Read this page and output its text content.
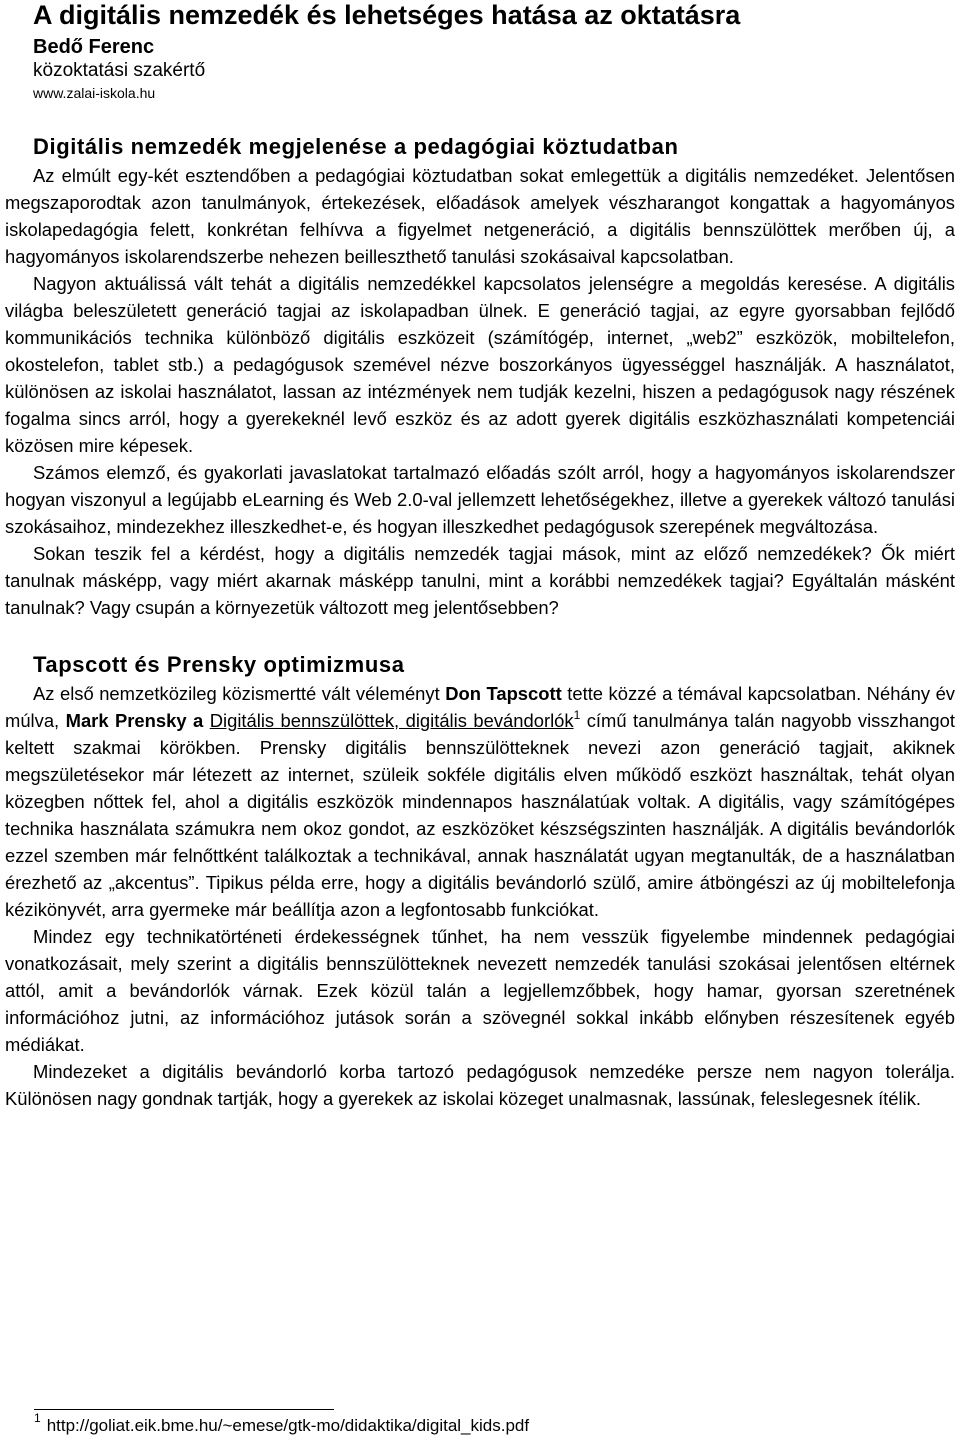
A digitális nemzedék és lehetséges hatása az oktatásra
Bedő Ferenc
közoktatási szakértő
www.zalai-iskola.hu
Digitális nemzedék megjelenése a pedagógiai köztudatban

Az elmúlt egy-két esztendőben a pedagógiai köztudatban sokat emlegettük a digitális nemzedéket. Jelentősen megszaporodtak azon tanulmányok, értekezések, előadások amelyek vészharangot kongattak a hagyományos iskolapedagógia felett, konkrétan felhívva a figyelmet netgeneráció, a digitális bennszülöttek merőben új, a hagyományos iskolarendszerbe nehezen beilleszthető tanulási szokásaival kapcsolatban.

Nagyon aktuálissá vált tehát a digitális nemzedékkel kapcsolatos jelenségre a megoldás keresése. A digitális világba beleszületett generáció tagjai az iskolapadban ülnek. E generáció tagjai, az egyre gyorsabban fejlődő kommunikációs technika különböző digitális eszközeit (számítógép, internet, „web2” eszközök, mobiltelefon, okostelefon, tablet stb.) a pedagógusok szemével nézve boszorkányos ügyességgel használják. A használatot, különösen az iskolai használatot, lassan az intézmények nem tudják kezelni, hiszen a pedagógusok nagy részének fogalma sincs arról, hogy a gyerekeknél levő eszköz és az adott gyerek digitális eszközhasználati kompetenciái közösen mire képesek.

Számos elemző, és gyakorlati javaslatokat tartalmazó előadás szólt arról, hogy a hagyományos iskolarendszer hogyan viszonyul a legújabb eLearning és Web 2.0-val jellemzett lehetőségekhez, illetve a gyerekek változó tanulási szokásaihoz, mindezekhez illeszkedhet-e, és hogyan illeszkedhet pedagógusok szerepének megváltozása.

Sokan teszik fel a kérdést, hogy a digitális nemzedék tagjai mások, mint az előző nemzedékek? Ők miért tanulnak másképp, vagy miért akarnak másképp tanulni, mint a korábbi nemzedékek tagjai? Egyáltalán másként tanulnak? Vagy csupán a környezetük változott meg jelentősebben?

Tapscott és Prensky optimizmusa

Az első nemzetközileg közismertté vált véleményt Don Tapscott tette közzé a témával kapcsolatban. Néhány év múlva, Mark Prensky a Digitális bennszülöttek, digitális bevándorlók$^1$ című tanulmánya talán nagyobb visszhangot keltett szakmai körökben. Prensky digitális bennszülötteknek nevezi azon generáció tagjait, akiknek megszületésekor már létezett az internet, szüleik sokféle digitális elven működő eszközt használtak, tehát olyan közegben nőttek fel, ahol a digitális eszközök mindennapos használatúak voltak. A digitális, vagy számítógépes technika használata számukra nem okoz gondot, az eszközöket készségszinten használják. A digitális bevándorlók ezzel szemben már felnőttként találkoztak a technikával, annak használatát ugyan megtanulták, de a használatban érezhető az „akcentus”. Tipikus példa erre, hogy a digitális bevándorló szülő, amire átböngészi az új mobiltelefonja kézikönyvét, arra gyermeke már beállítja azon a legfontosabb funkciókat.

Mindez egy technikatörténeti érdekességnek tűnhet, ha nem vesszük figyelembe mindennek pedagógiai vonatkozásait, mely szerint a digitális bennszülötteknek nevezett nemzedék tanulási szokásai jelentősen eltérnek attól, amit a bevándorlók várnak. Ezek közül talán a legjellemzőbbek, hogy hamar, gyorsan szeretnének információhoz jutni, az információhoz jutások során a szövegnél sokkal inkább előnyben részesítenek egyéb médiákat.

Mindezeket a digitális bevándorló korba tartozó pedagógusok nemzedéke persze nem nagyon tolerálja. Különösen nagy gondnak tartják, hogy a gyerekek az iskolai közeget unalmasnak, lassúnak, feleslegesnek ítélik.

$^1$ http://goliat.eik.bme.hu/~emese/gtk-mo/didaktika/digital_kids.pdf
